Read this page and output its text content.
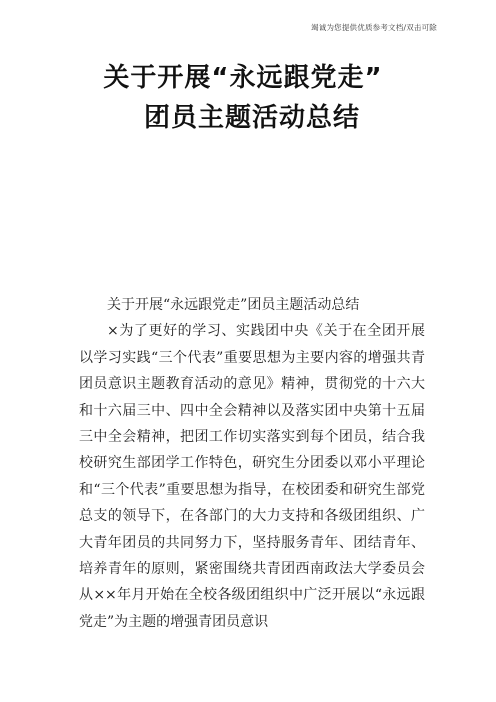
竭诚为您提供优质参考文档/双击可除
关于开展“永远跟党走”
团员主题活动总结

关于开展“永远跟党走”团员主题活动总结

×为了更好的学习、实践团中央《关于在全团开展以学习实践“三个代表”重要思想为主要内容的增强共青团员意识主题教育活动的意见》精神，贯彻党的十六大和十六届三中、四中全会精神以及落实团中央第十五届三中全会精神，把团工作切实落实到每个团员，结合我校研究生部团学工作特色，研究生分团委以邓小平理论和“三个代表”重要思想为指导，在校团委和研究生部党总支的领导下，在各部门的大力支持和各级团组织、广大青年团员的共同努力下，坚持服务青年、团结青年、培养青年的原则，紧密围绕共青团西南政法大学委员会从××年月开始在全校各级团组织中广泛开展以“永远跟党走”为主题的增强青团员意识
